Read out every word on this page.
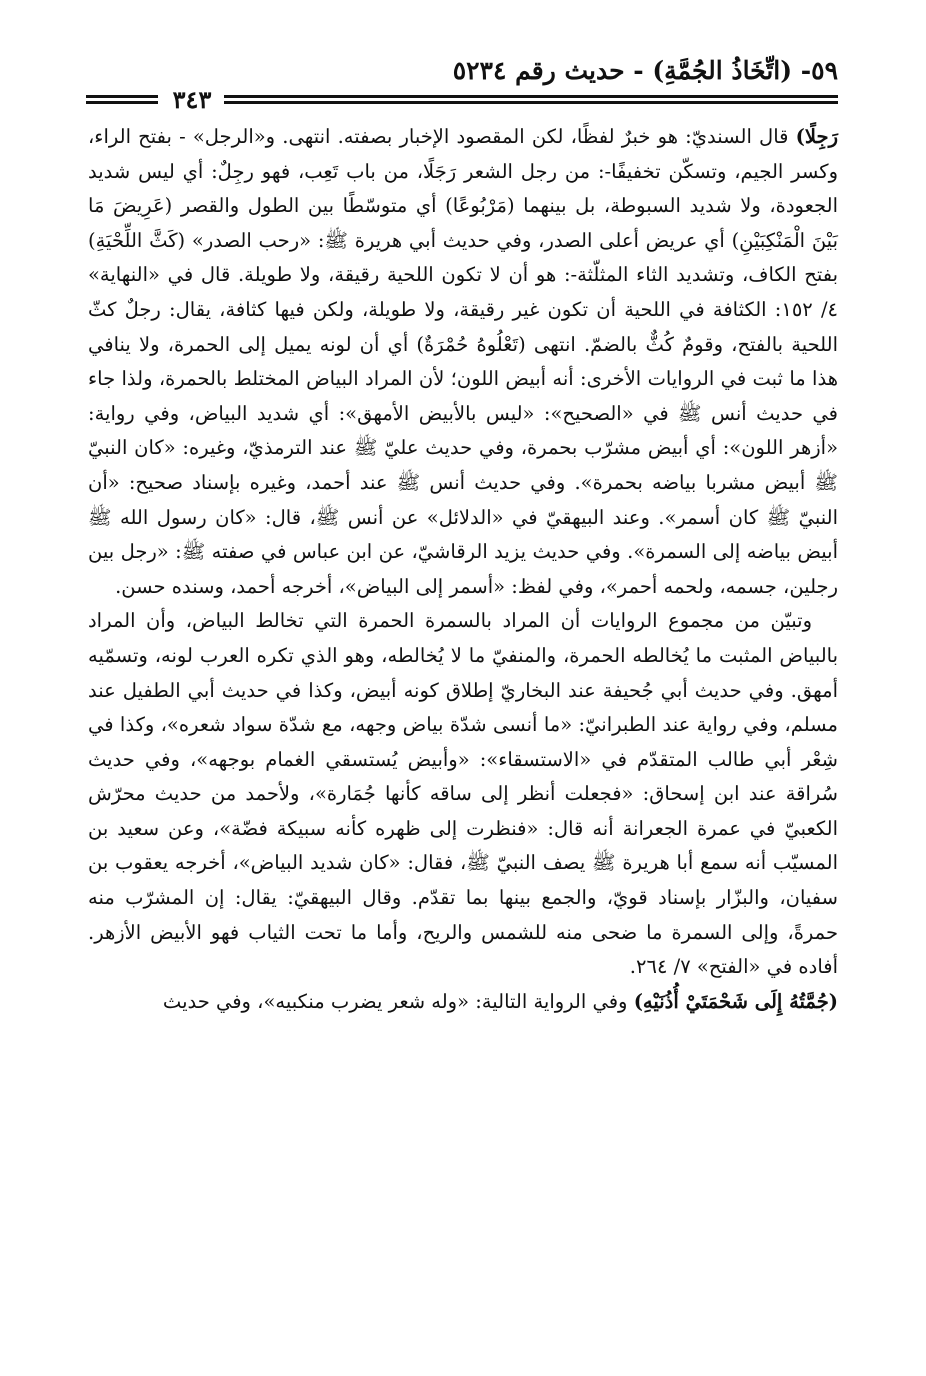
٥٩- (اتِّخَاذُ الجُمَّةِ) - حديث رقم ٥٢٣٤
٣٤٣

رَجِلًا) قال السنديّ: هو خبرٌ لفظًا، لكن المقصود الإخبار بصفته. انتهى. و«الرجل» - بفتح الراء، وكسر الجيم، وتسكّن تخفيفًا-: من رجل الشعر رَجَلًا، من باب تَعِب، فهو رجِلٌ: أي ليس شديد الجعودة، ولا شديد السبوطة، بل بينهما (مَرْبُوعًا) أي متوسّطًا بين الطول والقصر (عَرِيضَ مَا بَيْنَ الْمَنْكِبَيْنِ) أي عريض أعلى الصدر، وفي حديث أبي هريرة ﷺ: «رحب الصدر» (كَثَّ اللِّحْيَةِ) بفتح الكاف، وتشديد الثاء المثلّثة-: هو أن لا تكون اللحية رقيقة، ولا طويلة. قال في «النهاية» ٤/ ١٥٢: الكثافة في اللحية أن تكون غير رقيقة، ولا طويلة، ولكن فيها كثافة، يقال: رجلٌ كثّ اللحية بالفتح، وقومٌ كُثٌّ بالضمّ. انتهى (تَعْلُوهُ حُمْرَةٌ) أي أن لونه يميل إلى الحمرة، ولا ينافي هذا ما ثبت في الروايات الأخرى: أنه أبيض اللون؛ لأن المراد البياض المختلط بالحمرة، ولذا جاء في حديث أنس ﷺ في «الصحيح»: «ليس بالأبيض الأمهق»: أي شديد البياض، وفي رواية: «أزهر اللون»: أي أبيض مشرّب بحمرة، وفي حديث عليّ ﷺ عند الترمذيّ، وغيره: «كان النبيّ ﷺ أبيض مشربا بياضه بحمرة». وفي حديث أنس ﷺ عند أحمد، وغيره بإسناد صحيح: «أن النبيّ ﷺ كان أسمر». وعند البيهقيّ في «الدلائل» عن أنس ﷺ، قال: «كان رسول الله ﷺ أبيض بياضه إلى السمرة». وفي حديث يزيد الرقاشيّ، عن ابن عباس في صفته ﷺ: «رجل بين رجلين، جسمه، ولحمه أحمر»، وفي لفظ: «أسمر إلى البياض»، أخرجه أحمد، وسنده حسن.

وتبيّن من مجموع الروايات أن المراد بالسمرة الحمرة التي تخالط البياض، وأن المراد بالبياض المثبت ما يُخالطه الحمرة، والمنفيّ ما لا يُخالطه، وهو الذي تكره العرب لونه، وتسمّيه أمهق. وفي حديث أبي جُحيفة عند البخاريّ إطلاق كونه أبيض، وكذا في حديث أبي الطفيل عند مسلم، وفي رواية عند الطبرانيّ: «ما أنسى شدّة بياض وجهه، مع شدّة سواد شعره»، وكذا في شِعْر أبي طالب المتقدّم في «الاستسقاء»: «وأبيض يُستسقي الغمام بوجهه»، وفي حديث سُراقة عند ابن إسحاق: «فجعلت أنظر إلى ساقه كأنها جُمَارة»، ولأحمد من حديث محرّش الكعبيّ في عمرة الجعرانة أنه قال: «فنظرت إلى ظهره كأنه سبيكة فضّة»، وعن سعيد بن المسيّب أنه سمع أبا هريرة ﷺ يصف النبيّ ﷺ، فقال: «كان شديد البياض»، أخرجه يعقوب بن سفيان، والبزّار بإسناد قويّ، والجمع بينها بما تقدّم. وقال البيهقيّ: يقال: إن المشرّب منه حمرةً، وإلى السمرة ما ضحى منه للشمس والريح، وأما ما تحت الثياب فهو الأبيض الأزهر. أفاده في «الفتح» ٧/ ٢٦٤.

(جُمَّتُهُ إِلَى شَحْمَتَيْ أُذُنَيْهِ) وفي الرواية التالية: «وله شعر يضرب منكبيه»، وفي حديث
